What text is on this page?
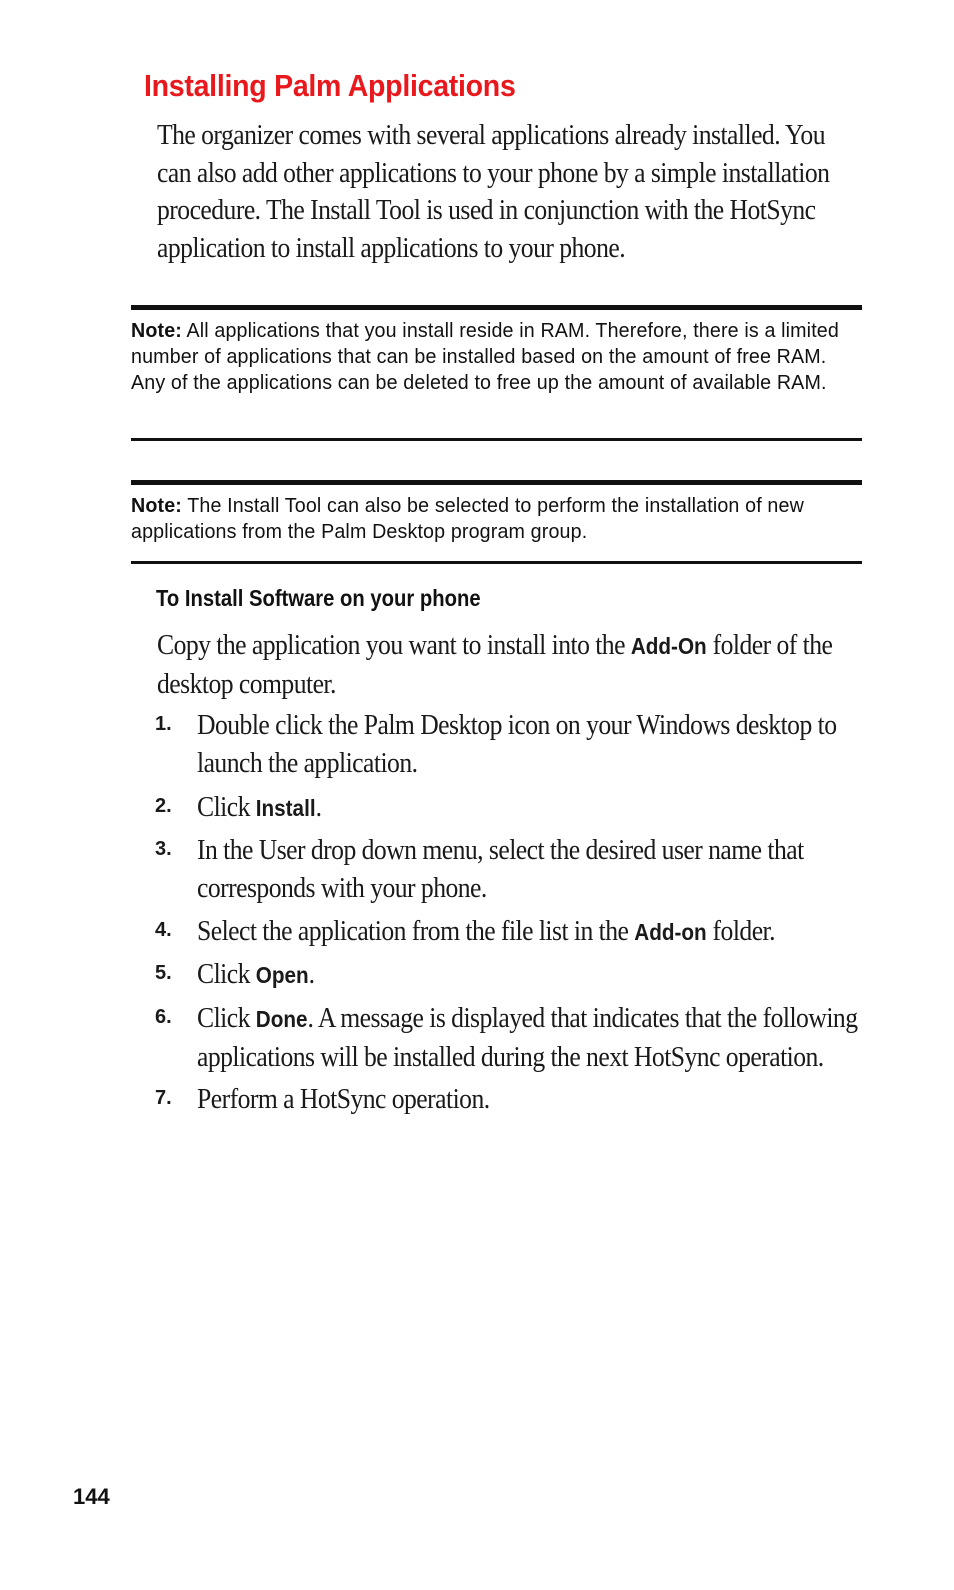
Installing Palm Applications

The organizer comes with several applications already installed. You can also add other applications to your phone by a simple installation procedure. The Install Tool is used in conjunction with the HotSync application to install applications to your phone.

Note: All applications that you install reside in RAM. Therefore, there is a limited number of applications that can be installed based on the amount of free RAM. Any of the applications can be deleted to free up the amount of available RAM.

Note: The Install Tool can also be selected to perform the installation of new applications from the Palm Desktop program group.

To Install Software on your phone

Copy the application you want to install into the Add-On folder of the desktop computer.

1. Double click the Palm Desktop icon on your Windows desktop to launch the application.

2. Click Install.

3. In the User drop down menu, select the desired user name that corresponds with your phone.

4. Select the application from the file list in the Add-on folder.

5. Click Open.

6. Click Done. A message is displayed that indicates that the following applications will be installed during the next HotSync operation.

7. Perform a HotSync operation.

144
